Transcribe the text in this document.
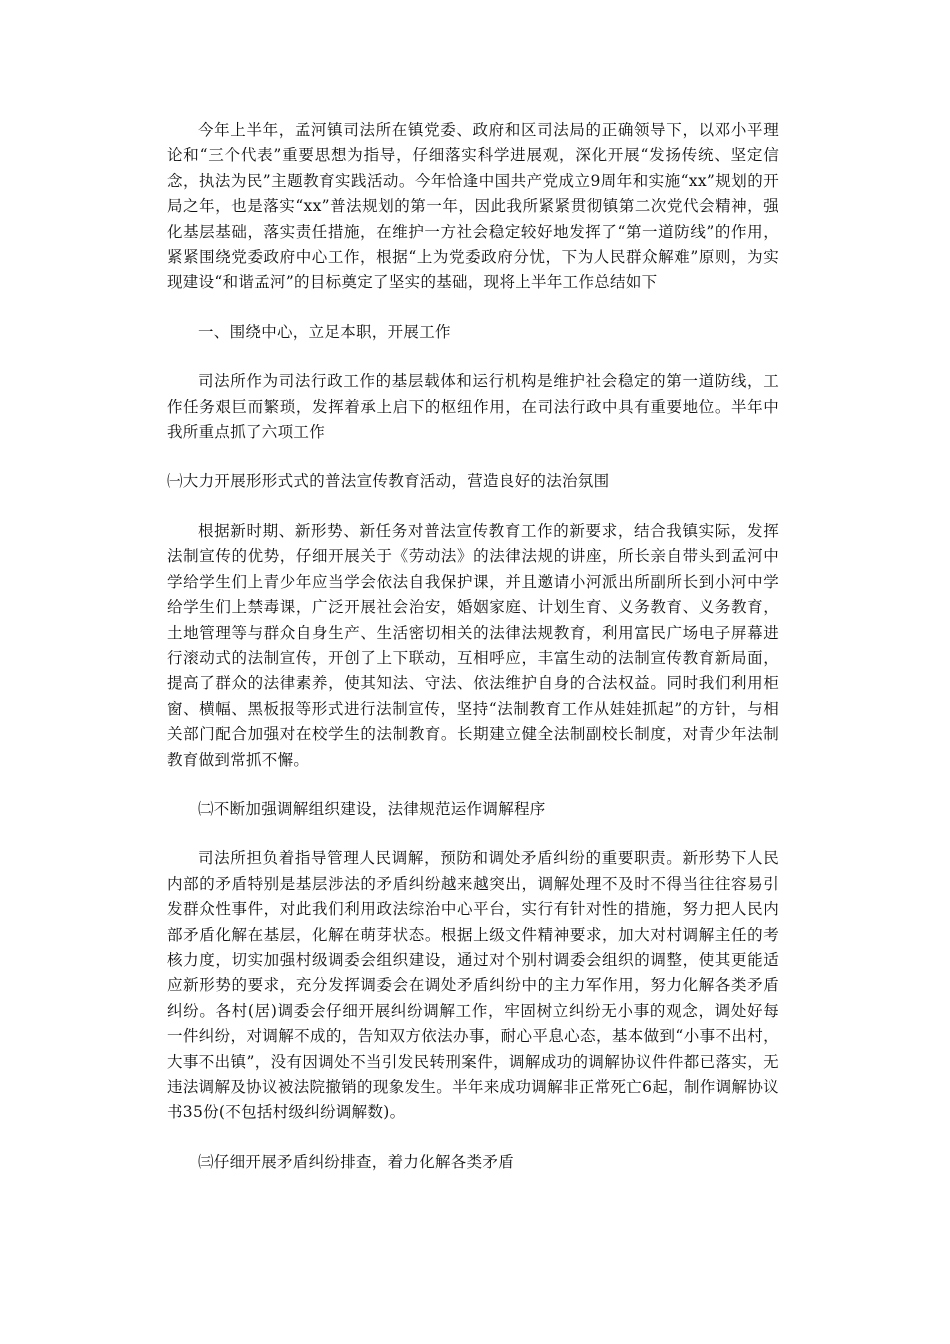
今年上半年，孟河镇司法所在镇党委、政府和区司法局的正确领导下，以邓小平理论和“三个代表”重要思想为指导，仔细落实科学进展观，深化开展“发扬传统、坚定信念，执法为民”主题教育实践活动。今年恰逢中国共产党成立9周年和实施“xx”规划的开局之年，也是落实“xx”普法规划的第一年，因此我所紧紧贯彻镇第二次党代会精神，强化基层基础，落实责任措施，在维护一方社会稳定较好地发挥了“第一道防线”的作用，紧紧围绕党委政府中心工作，根据“上为党委政府分忧，下为人民群众解难”原则，为实现建设“和谐孟河”的目标奠定了坚实的基础，现将上半年工作总结如下

一、围绕中心，立足本职，开展工作

司法所作为司法行政工作的基层载体和运行机构是维护社会稳定的第一道防线，工作任务艰巨而繁琐，发挥着承上启下的枢纽作用，在司法行政中具有重要地位。半年中我所重点抓了六项工作

㈠大力开展形形式式的普法宣传教育活动，营造良好的法治氛围

根据新时期、新形势、新任务对普法宣传教育工作的新要求，结合我镇实际，发挥法制宣传的优势，仔细开展关于《劳动法》的法律法规的讲座，所长亲自带头到孟河中学给学生们上青少年应当学会依法自我保护课，并且邀请小河派出所副所长到小河中学给学生们上禁毒课，广泛开展社会治安，婚姻家庭、计划生育、义务教育、义务教育，土地管理等与群众自身生产、生活密切相关的法律法规教育，利用富民广场电子屏幕进行滚动式的法制宣传，开创了上下联动，互相呼应，丰富生动的法制宣传教育新局面，提高了群众的法律素养，使其知法、守法、依法维护自身的合法权益。同时我们利用柜窗、横幅、黑板报等形式进行法制宣传，坚持“法制教育工作从娃娃抓起”的方针，与相关部门配合加强对在校学生的法制教育。长期建立健全法制副校长制度，对青少年法制教育做到常抓不懈。

㈡不断加强调解组织建设，法律规范运作调解程序

司法所担负着指导管理人民调解，预防和调处矛盾纠纷的重要职责。新形势下人民内部的矛盾特别是基层涉法的矛盾纠纷越来越突出，调解处理不及时不得当往往容易引发群众性事件，对此我们利用政法综治中心平台，实行有针对性的措施，努力把人民内部矛盾化解在基层，化解在萌芽状态。根据上级文件精神要求，加大对村调解主任的考核力度，切实加强村级调委会组织建设，通过对个别村调委会组织的调整，使其更能适应新形势的要求，充分发挥调委会在调处矛盾纠纷中的主力军作用，努力化解各类矛盾纠纷。各村(居)调委会仔细开展纠纷调解工作，牢固树立纠纷无小事的观念，调处好每一件纠纷，对调解不成的，告知双方依法办事，耐心平息心态，基本做到“小事不出村，大事不出镇”，没有因调处不当引发民转刑案件，调解成功的调解协议件件都已落实，无违法调解及协议被法院撤销的现象发生。半年来成功调解非正常死亡6起，制作调解协议书35份(不包括村级纠纷调解数)。

㈢仔细开展矛盾纠纷排查，着力化解各类矛盾
